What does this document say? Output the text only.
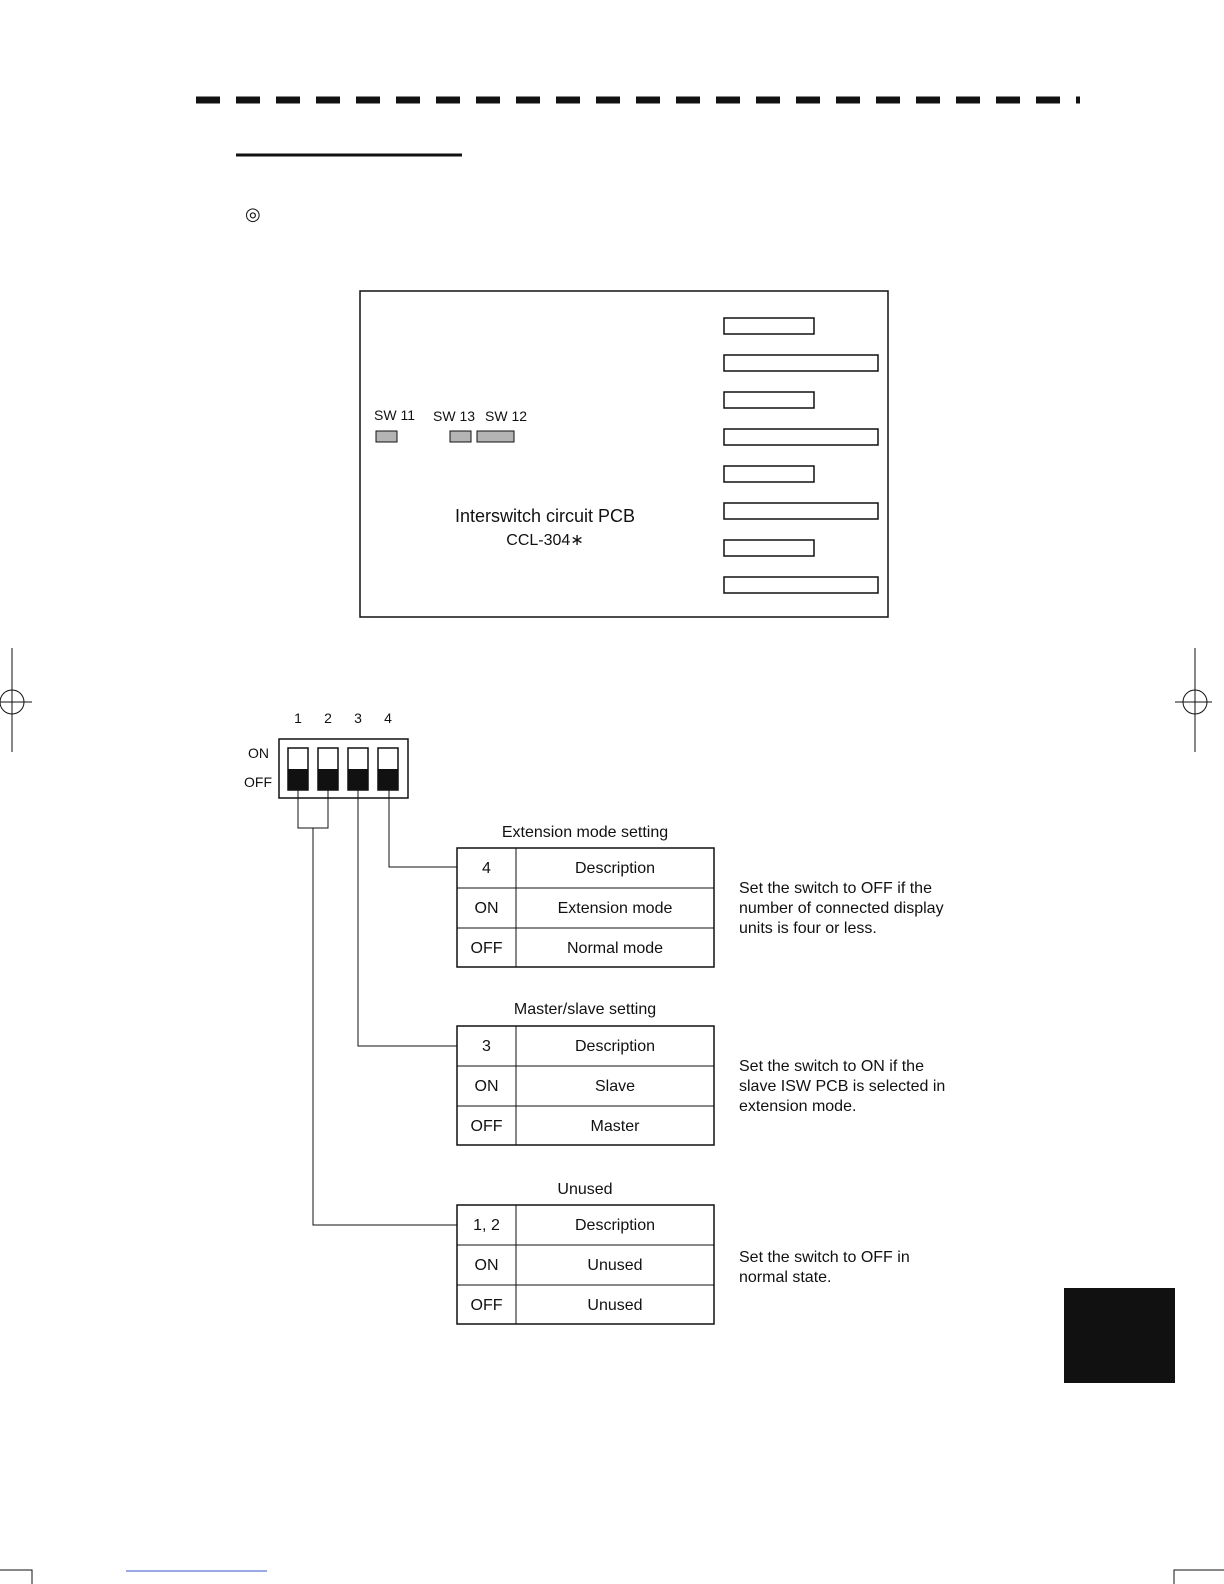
◎
SW 11 SW 13 SW 12
Interswitch circuit PCB
CCL-304∗
1 2 3 4
ON
OFF
Extension mode setting
4	Description
ON	Extension mode
OFF	Normal mode
Set the switch to OFF if the
number of connected display
units is four or less.
Master/slave setting
3	Description
ON	Slave
OFF	Master
Set the switch to ON if the
slave ISW PCB is selected in
extension mode.
Unused
1, 2	Description
ON	Unused
OFF	Unused
Set the switch to OFF in
normal state.
